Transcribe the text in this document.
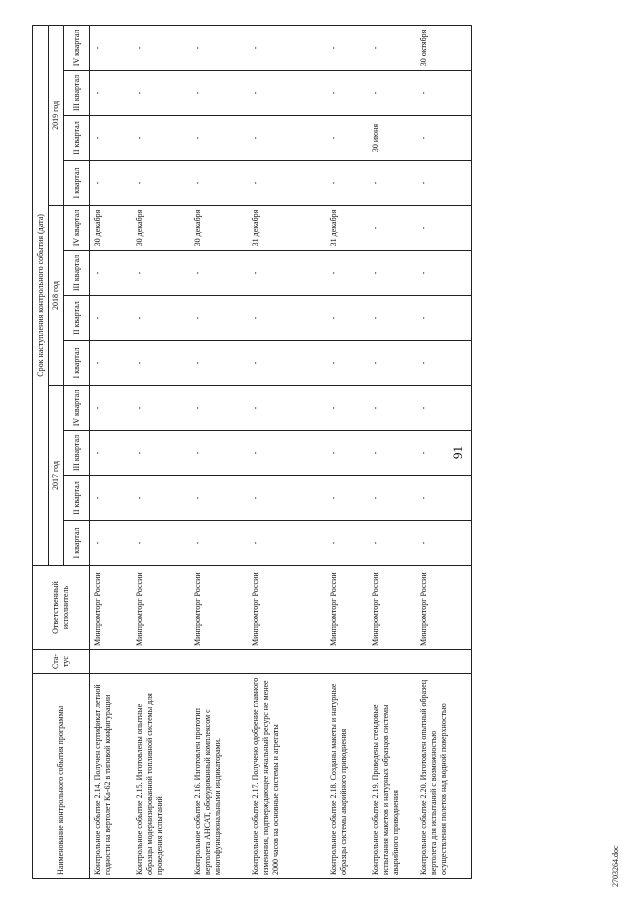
91
Наименование контрольного события программы	Ста-тус	Ответственный исполнитель	Срок наступления контрольного события (дата)											
			2017 год				2018 год				2019 год			
			I квартал	II квартал	III квартал	IV квартал	I квартал	II квартал	III квартал	IV квартал	I квартал	II квартал	III квартал	IV квартал
Контрольное событие 2.14. Получен сертификат летной годности на вертолет Ка-62 в типовой конфигурации		Минпромторг России	-	-	-	-	-	-	-	30 декабря	-	-	-	-
Контрольное событие 2.15. Изготовлены опытные образцы модернизированной топливной системы для проведения испытаний		Минпромторг России	-	-	-	-	-	-	-	30 декабря	-	-	-	-
Контрольное событие 2.16. Изготовлен прототип вертолета АНСАТ, оборудованный комплексом с многофункциональными индикаторами.		Минпромторг России	-	-	-	-	-	-	-	30 декабря	-	-	-	-
Контрольное событие 2.17. Получено одобрение главного изменения, подтверждающее начальный ресурс не менее 2000 часов на основные системы и агрегаты		Минпромторг России	-	-	-	-	-	-	-	31 декабря	-	-	-	-
Контрольное событие 2.18. Созданы макеты и натурные образцы системы аварийного приводнения		Минпромторг России	-	-	-	-	-	-	-	31 декабря	-	-	-	-
Контрольное событие 2.19. Проведены стендовые испытания макетов и натурных образцов системы аварийного приводнения		Минпромторг России	-	-	-	-	-	-	-	-	-	30 июня	-	-
Контрольное событие 2.20. Изготовлен опытный образец вертолета для испытаний с возможностью осуществления полетов над водной поверхностью		Минпромторг России	-	-	-	-	-	-	-	-	-	-	-	30 октября
2703264.doc
